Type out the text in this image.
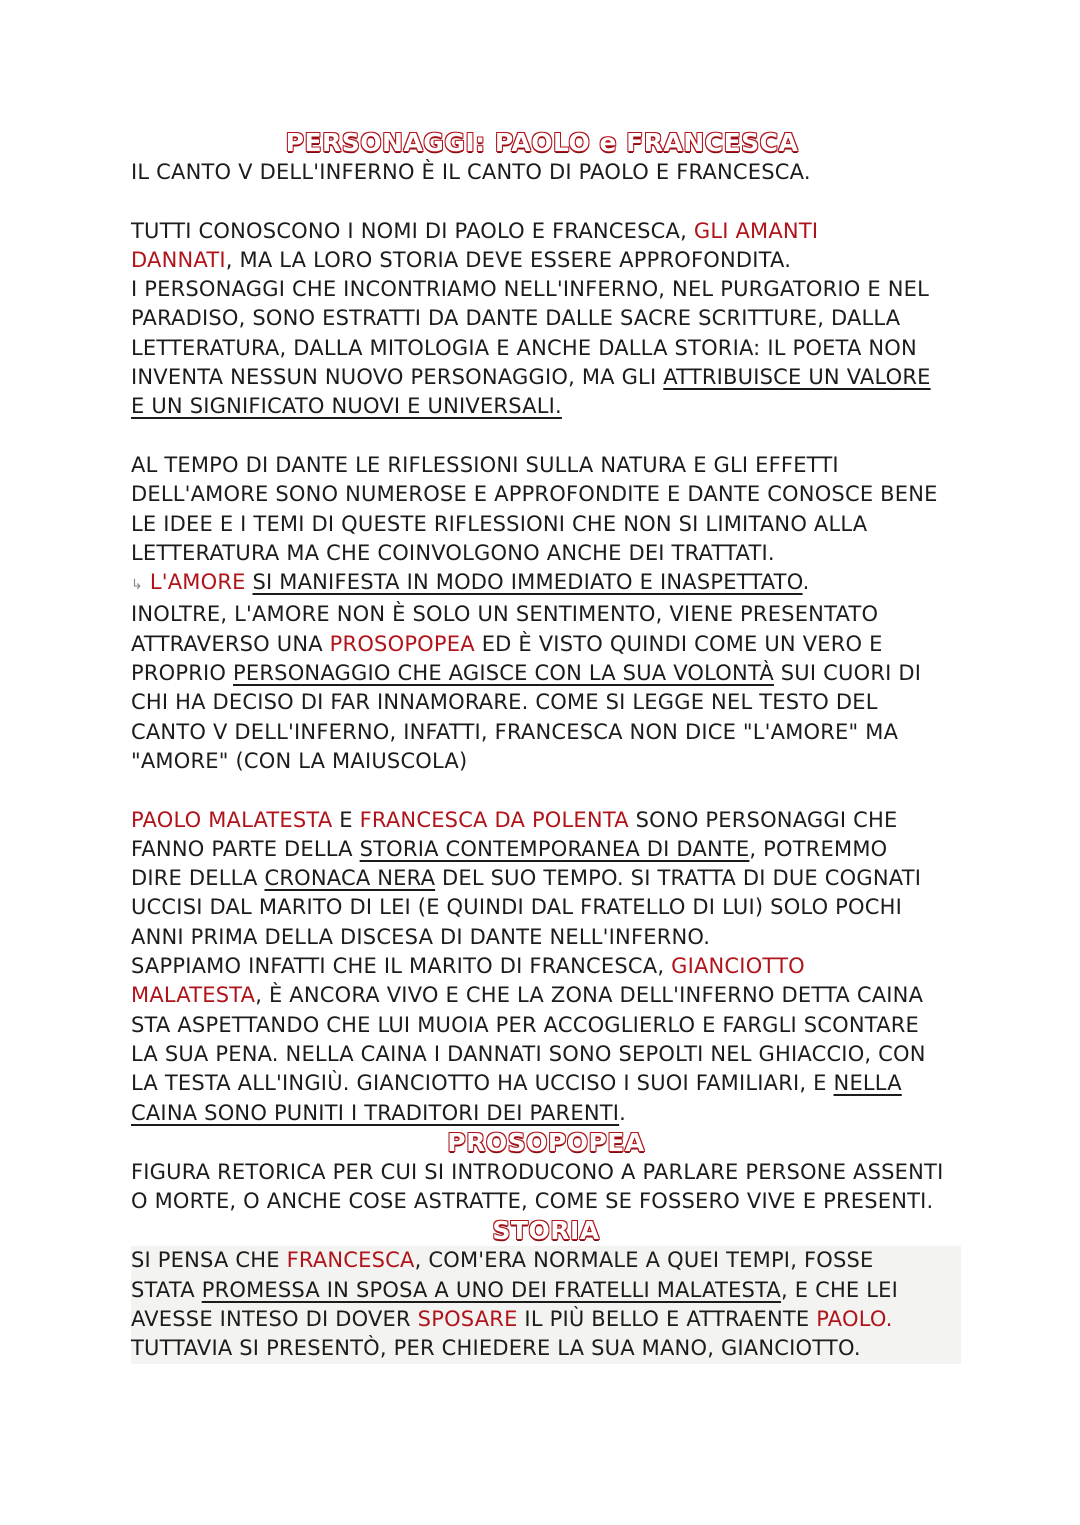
PERSONAGGI: PAOLO e FRANCESCA

IL CANTO V DELL'INFERNO È IL CANTO DI PAOLO E FRANCESCA.

TUTTI CONOSCONO I NOMI DI PAOLO E FRANCESCA, GLI AMANTI

DANNATI, MA LA LORO STORIA DEVE ESSERE APPROFONDITA.

I PERSONAGGI CHE INCONTRIAMO NELL'INFERNO, NEL PURGATORIO E NEL

PARADISO, SONO ESTRATTI DA DANTE DALLE SACRE SCRITTURE, DALLA

LETTERATURA, DALLA MITOLOGIA E ANCHE DALLA STORIA: IL POETA NON

INVENTA NESSUN NUOVO PERSONAGGIO, MA GLI ATTRIBUISCE UN VALORE

E UN SIGNIFICATO NUOVI E UNIVERSALI.

AL TEMPO DI DANTE LE RIFLESSIONI SULLA NATURA E GLI EFFETTI

DELL'AMORE SONO NUMEROSE E APPROFONDITE E DANTE CONOSCE BENE

LE IDEE E I TEMI DI QUESTE RIFLESSIONI CHE NON SI LIMITANO ALLA

LETTERATURA MA CHE COINVOLGONO ANCHE DEI TRATTATI.

↳ L'AMORE SI MANIFESTA IN MODO IMMEDIATO E INASPETTATO.

INOLTRE, L'AMORE NON È SOLO UN SENTIMENTO, VIENE PRESENTATO

ATTRAVERSO UNA PROSOPOPEA ED È VISTO QUINDI COME UN VERO E

PROPRIO PERSONAGGIO CHE AGISCE CON LA SUA VOLONTÀ SUI CUORI DI

CHI HA DECISO DI FAR INNAMORARE. COME SI LEGGE NEL TESTO DEL

CANTO V DELL'INFERNO, INFATTI, FRANCESCA NON DICE "L'AMORE" MA

"AMORE" (CON LA MAIUSCOLA)

PAOLO MALATESTA E FRANCESCA DA POLENTA SONO PERSONAGGI CHE

FANNO PARTE DELLA STORIA CONTEMPORANEA DI DANTE, POTREMMO

DIRE DELLA CRONACA NERA DEL SUO TEMPO. SI TRATTA DI DUE COGNATI

UCCISI DAL MARITO DI LEI (E QUINDI DAL FRATELLO DI LUI) SOLO POCHI

ANNI PRIMA DELLA DISCESA DI DANTE NELL'INFERNO.

SAPPIAMO INFATTI CHE IL MARITO DI FRANCESCA, GIANCIOTTO

MALATESTA, È ANCORA VIVO E CHE LA ZONA DELL'INFERNO DETTA CAINA

STA ASPETTANDO CHE LUI MUOIA PER ACCOGLIERLO E FARGLI SCONTARE

LA SUA PENA. NELLA CAINA I DANNATI SONO SEPOLTI NEL GHIACCIO, CON

LA TESTA ALL'INGIÙ. GIANCIOTTO HA UCCISO I SUOI FAMILIARI, E NELLA

CAINA SONO PUNITI I TRADITORI DEI PARENTI.

PROSOPOPEA

FIGURA RETORICA PER CUI SI INTRODUCONO A PARLARE PERSONE ASSENTI

O MORTE, O ANCHE COSE ASTRATTE, COME SE FOSSERO VIVE E PRESENTI.

STORIA

SI PENSA CHE FRANCESCA, COM'ERA NORMALE A QUEI TEMPI, FOSSE

STATA PROMESSA IN SPOSA A UNO DEI FRATELLI MALATESTA, E CHE LEI

AVESSE INTESO DI DOVER SPOSARE IL PIÙ BELLO E ATTRAENTE PAOLO.

TUTTAVIA SI PRESENTÒ, PER CHIEDERE LA SUA MANO, GIANCIOTTO.
